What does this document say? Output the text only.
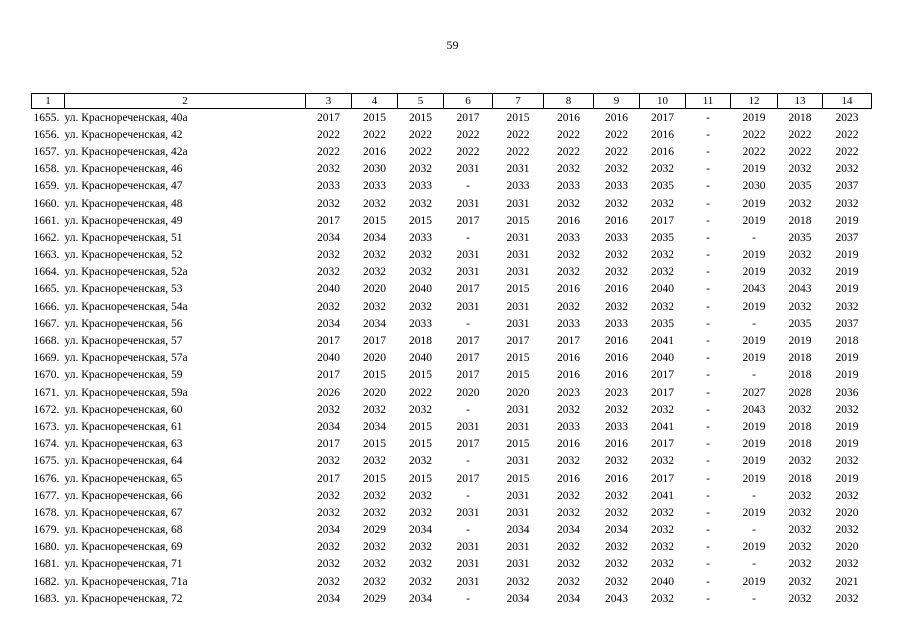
59
1	2	3	4	5	6	7	8	9	10	11	12	13	14
1655.	ул. Красноречeнская, 40а	2017	2015	2015	2017	2015	2016	2016	2017	-	2019	2018	2023
1656.	ул. Красноречeнская, 42	2022	2022	2022	2022	2022	2022	2022	2016	-	2022	2022	2022
1657.	ул. Красноречeнская, 42а	2022	2016	2022	2022	2022	2022	2022	2016	-	2022	2022	2022
1658.	ул. Красноречeнская, 46	2032	2030	2032	2031	2031	2032	2032	2032	-	2019	2032	2032
1659.	ул. Красноречeнская, 47	2033	2033	2033	-	2033	2033	2033	2035	-	2030	2035	2037
1660.	ул. Красноречeнская, 48	2032	2032	2032	2031	2031	2032	2032	2032	-	2019	2032	2032
1661.	ул. Красноречeнская, 49	2017	2015	2015	2017	2015	2016	2016	2017	-	2019	2018	2019
1662.	ул. Красноречeнская, 51	2034	2034	2033	-	2031	2033	2033	2035	-	-	2035	2037
1663.	ул. Красноречeнская, 52	2032	2032	2032	2031	2031	2032	2032	2032	-	2019	2032	2019
1664.	ул. Красноречeнская, 52а	2032	2032	2032	2031	2031	2032	2032	2032	-	2019	2032	2019
1665.	ул. Красноречeнская, 53	2040	2020	2040	2017	2015	2016	2016	2040	-	2043	2043	2019
1666.	ул. Красноречeнская, 54а	2032	2032	2032	2031	2031	2032	2032	2032	-	2019	2032	2032
1667.	ул. Красноречeнская, 56	2034	2034	2033	-	2031	2033	2033	2035	-	-	2035	2037
1668.	ул. Красноречeнская, 57	2017	2017	2018	2017	2017	2017	2016	2041	-	2019	2019	2018
1669.	ул. Красноречeнская, 57а	2040	2020	2040	2017	2015	2016	2016	2040	-	2019	2018	2019
1670.	ул. Красноречeнская, 59	2017	2015	2015	2017	2015	2016	2016	2017	-	-	2018	2019
1671.	ул. Красноречeнская, 59а	2026	2020	2022	2020	2020	2023	2023	2017	-	2027	2028	2036
1672.	ул. Красноречeнская, 60	2032	2032	2032	-	2031	2032	2032	2032	-	2043	2032	2032
1673.	ул. Красноречeнская, 61	2034	2034	2015	2031	2031	2033	2033	2041	-	2019	2018	2019
1674.	ул. Красноречeнская, 63	2017	2015	2015	2017	2015	2016	2016	2017	-	2019	2018	2019
1675.	ул. Красноречeнская, 64	2032	2032	2032	-	2031	2032	2032	2032	-	2019	2032	2032
1676.	ул. Красноречeнская, 65	2017	2015	2015	2017	2015	2016	2016	2017	-	2019	2018	2019
1677.	ул. Красноречeнская, 66	2032	2032	2032	-	2031	2032	2032	2041	-	-	2032	2032
1678.	ул. Красноречeнская, 67	2032	2032	2032	2031	2031	2032	2032	2032	-	2019	2032	2020
1679.	ул. Красноречeнская, 68	2034	2029	2034	-	2034	2034	2034	2032	-	-	2032	2032
1680.	ул. Красноречeнская, 69	2032	2032	2032	2031	2031	2032	2032	2032	-	2019	2032	2020
1681.	ул. Красноречeнская, 71	2032	2032	2032	2031	2031	2032	2032	2032	-	-	2032	2032
1682.	ул. Красноречeнская, 71а	2032	2032	2032	2031	2032	2032	2032	2040	-	2019	2032	2021
1683.	ул. Красноречeнская, 72	2034	2029	2034	-	2034	2034	2043	2032	-	-	2032	2032
